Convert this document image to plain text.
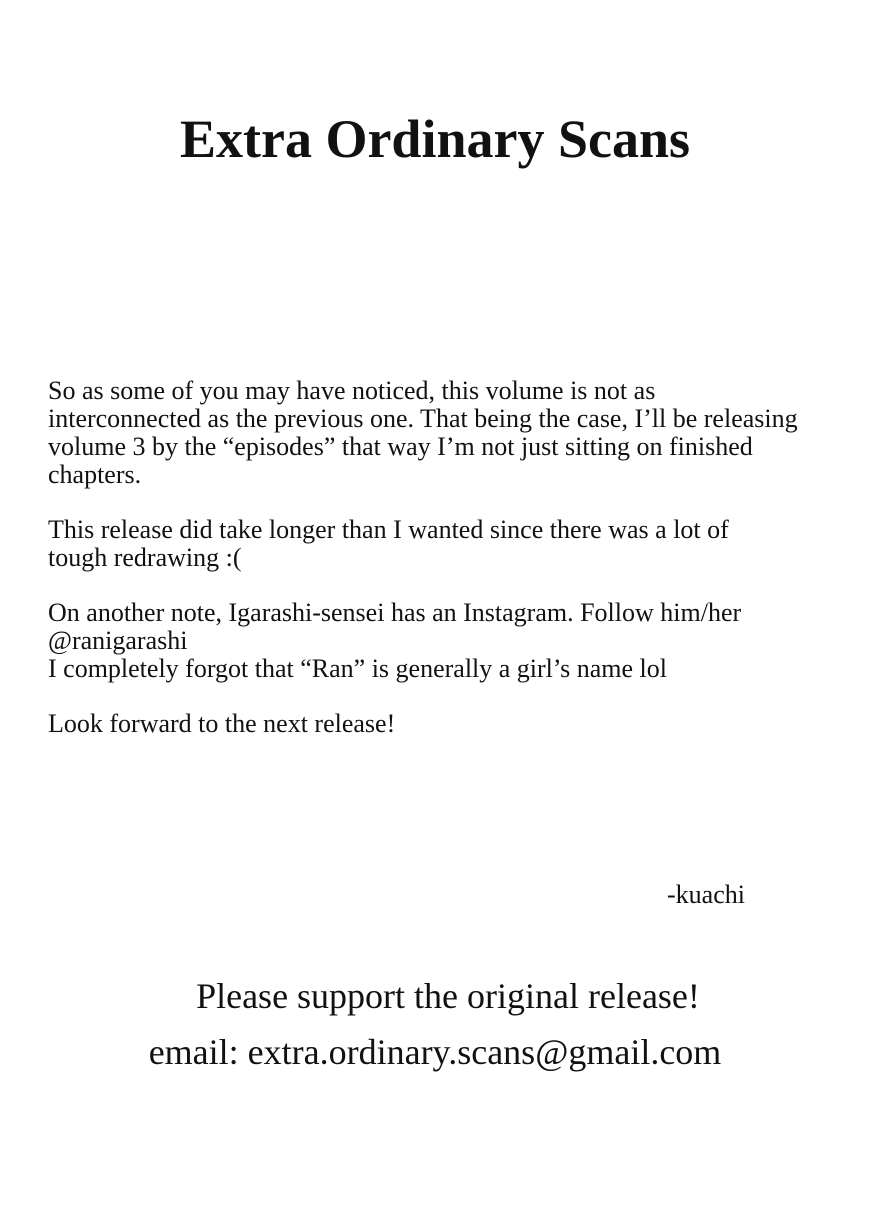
Extra Ordinary Scans

So as some of you may have noticed, this volume is not as
interconnected as the previous one. That being the case, I’ll be releasing
volume 3 by the “episodes” that way I’m not just sitting on finished
chapters.

This release did take longer than I wanted since there was a lot of
tough redrawing :(

On another note, Igarashi-sensei has an Instagram. Follow him/her
@ranigarashi
I completely forgot that “Ran” is generally a girl’s name lol

Look forward to the next release!

-kuachi
Please support the original release!
email: extra.ordinary.scans@gmail.com
